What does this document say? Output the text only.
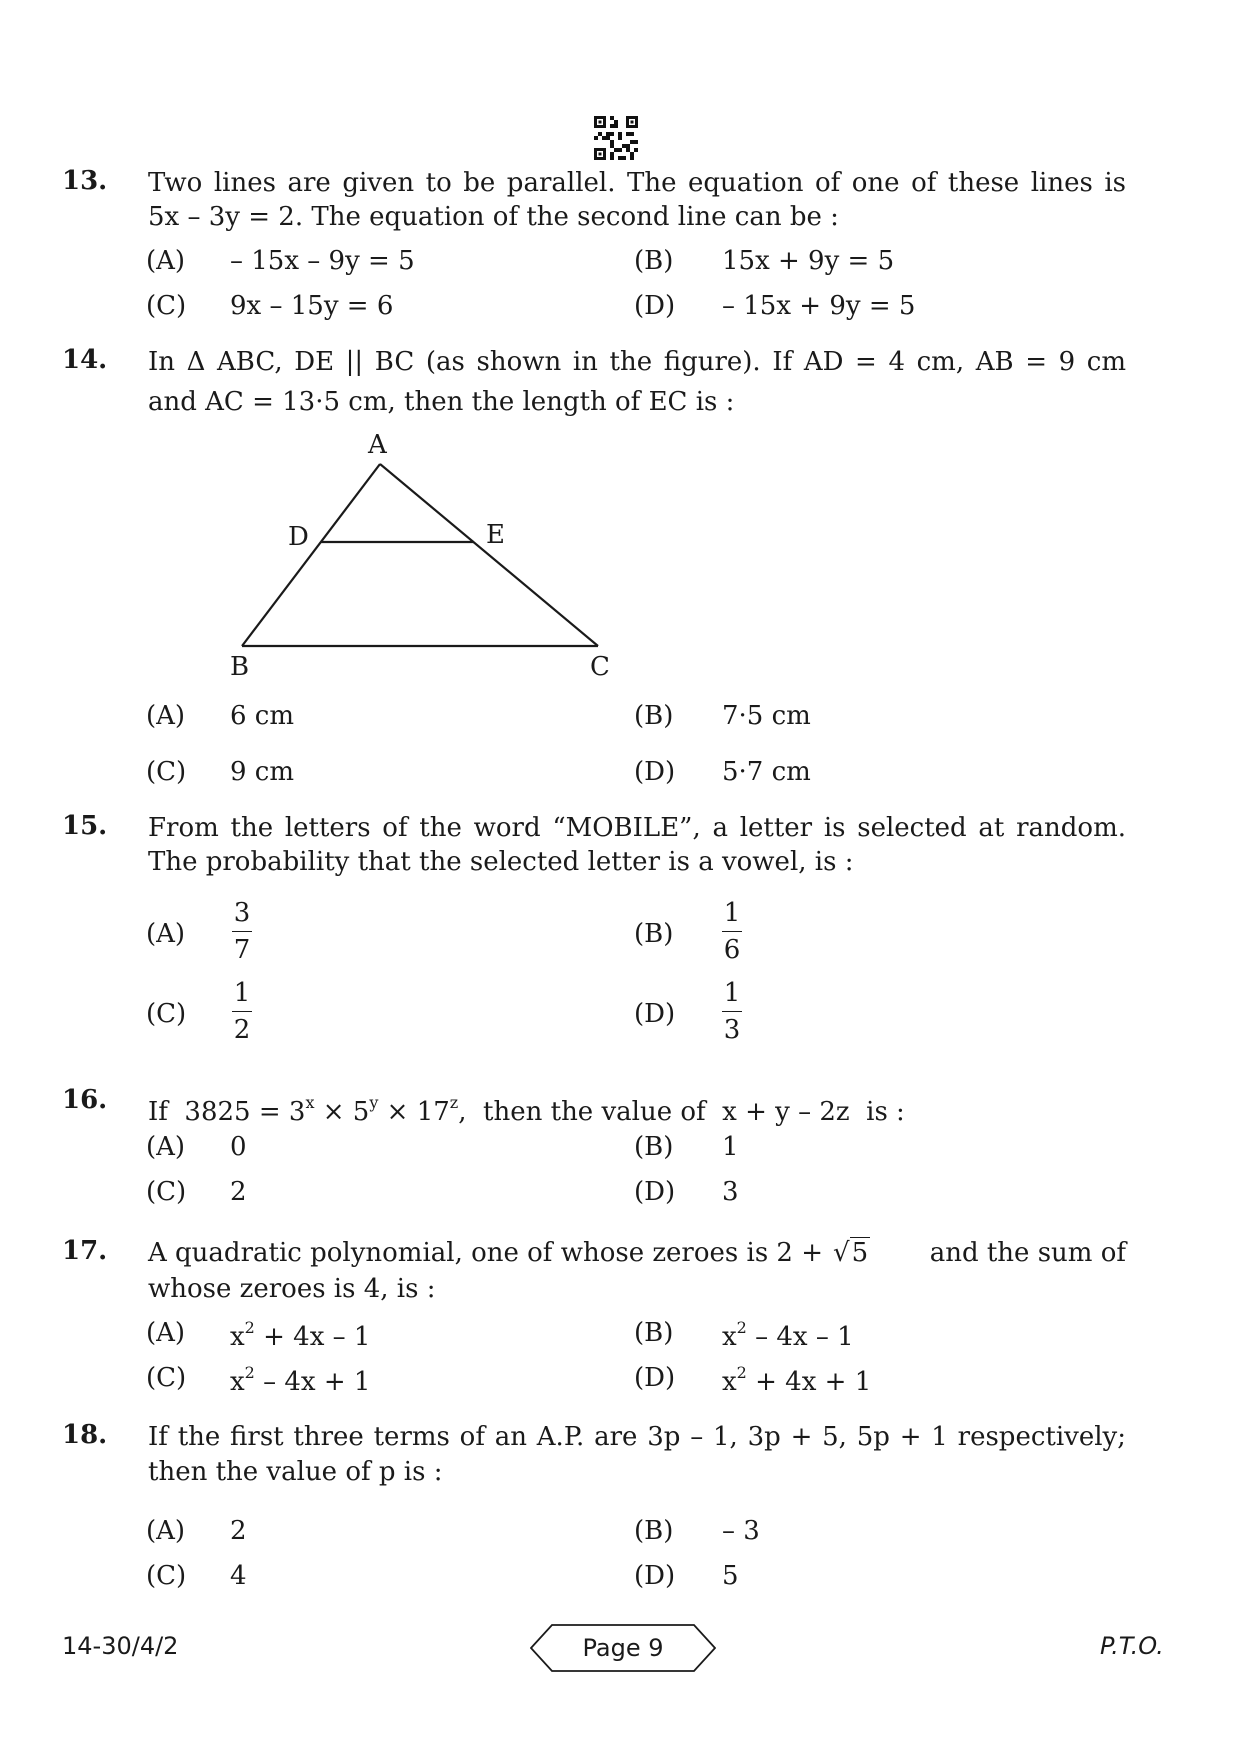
13. Two lines are given to be parallel. The equation of one of these lines is
5x – 3y = 2. The equation of the second line can be :
(A) – 15x – 9y = 5	(B) 15x + 9y = 5
(C) 9x – 15y = 6	(D) – 15x + 9y = 5
14. In Δ ABC, DE || BC (as shown in the figure). If AD = 4 cm, AB = 9 cm
and AC = 13·5 cm, then the length of EC is :
A
D	E
B	C
(A) 6 cm	(B) 7·5 cm
(C) 9 cm	(D) 5·7 cm
15. From the letters of the word “MOBILE”, a letter is selected at random.
The probability that the selected letter is a vowel, is :
(A)
3
7
(B)
1
6
(C)
1
2
(D)
1
3
16. If  $3825 = 3^x \times 5^y \times 17^z$,  then the value of  x + y – 2z  is :
(A) 0	(B) 1
(C) 2	(D) 3
17. A quadratic polynomial, one of whose zeroes is 2 + √5 and the sum of
whose zeroes is 4, is :
(A) $x^2 + 4x - 1$	(B) $x^2 - 4x - 1$
(C) $x^2 - 4x + 1$	(D) $x^2 + 4x + 1$
18. If the first three terms of an A.P. are 3p – 1, 3p + 5, 5p + 1 respectively;
then the value of p is :
(A) 2	(B) – 3
(C) 4	(D) 5
14-30/4/2	Page 9	P.T.O.
